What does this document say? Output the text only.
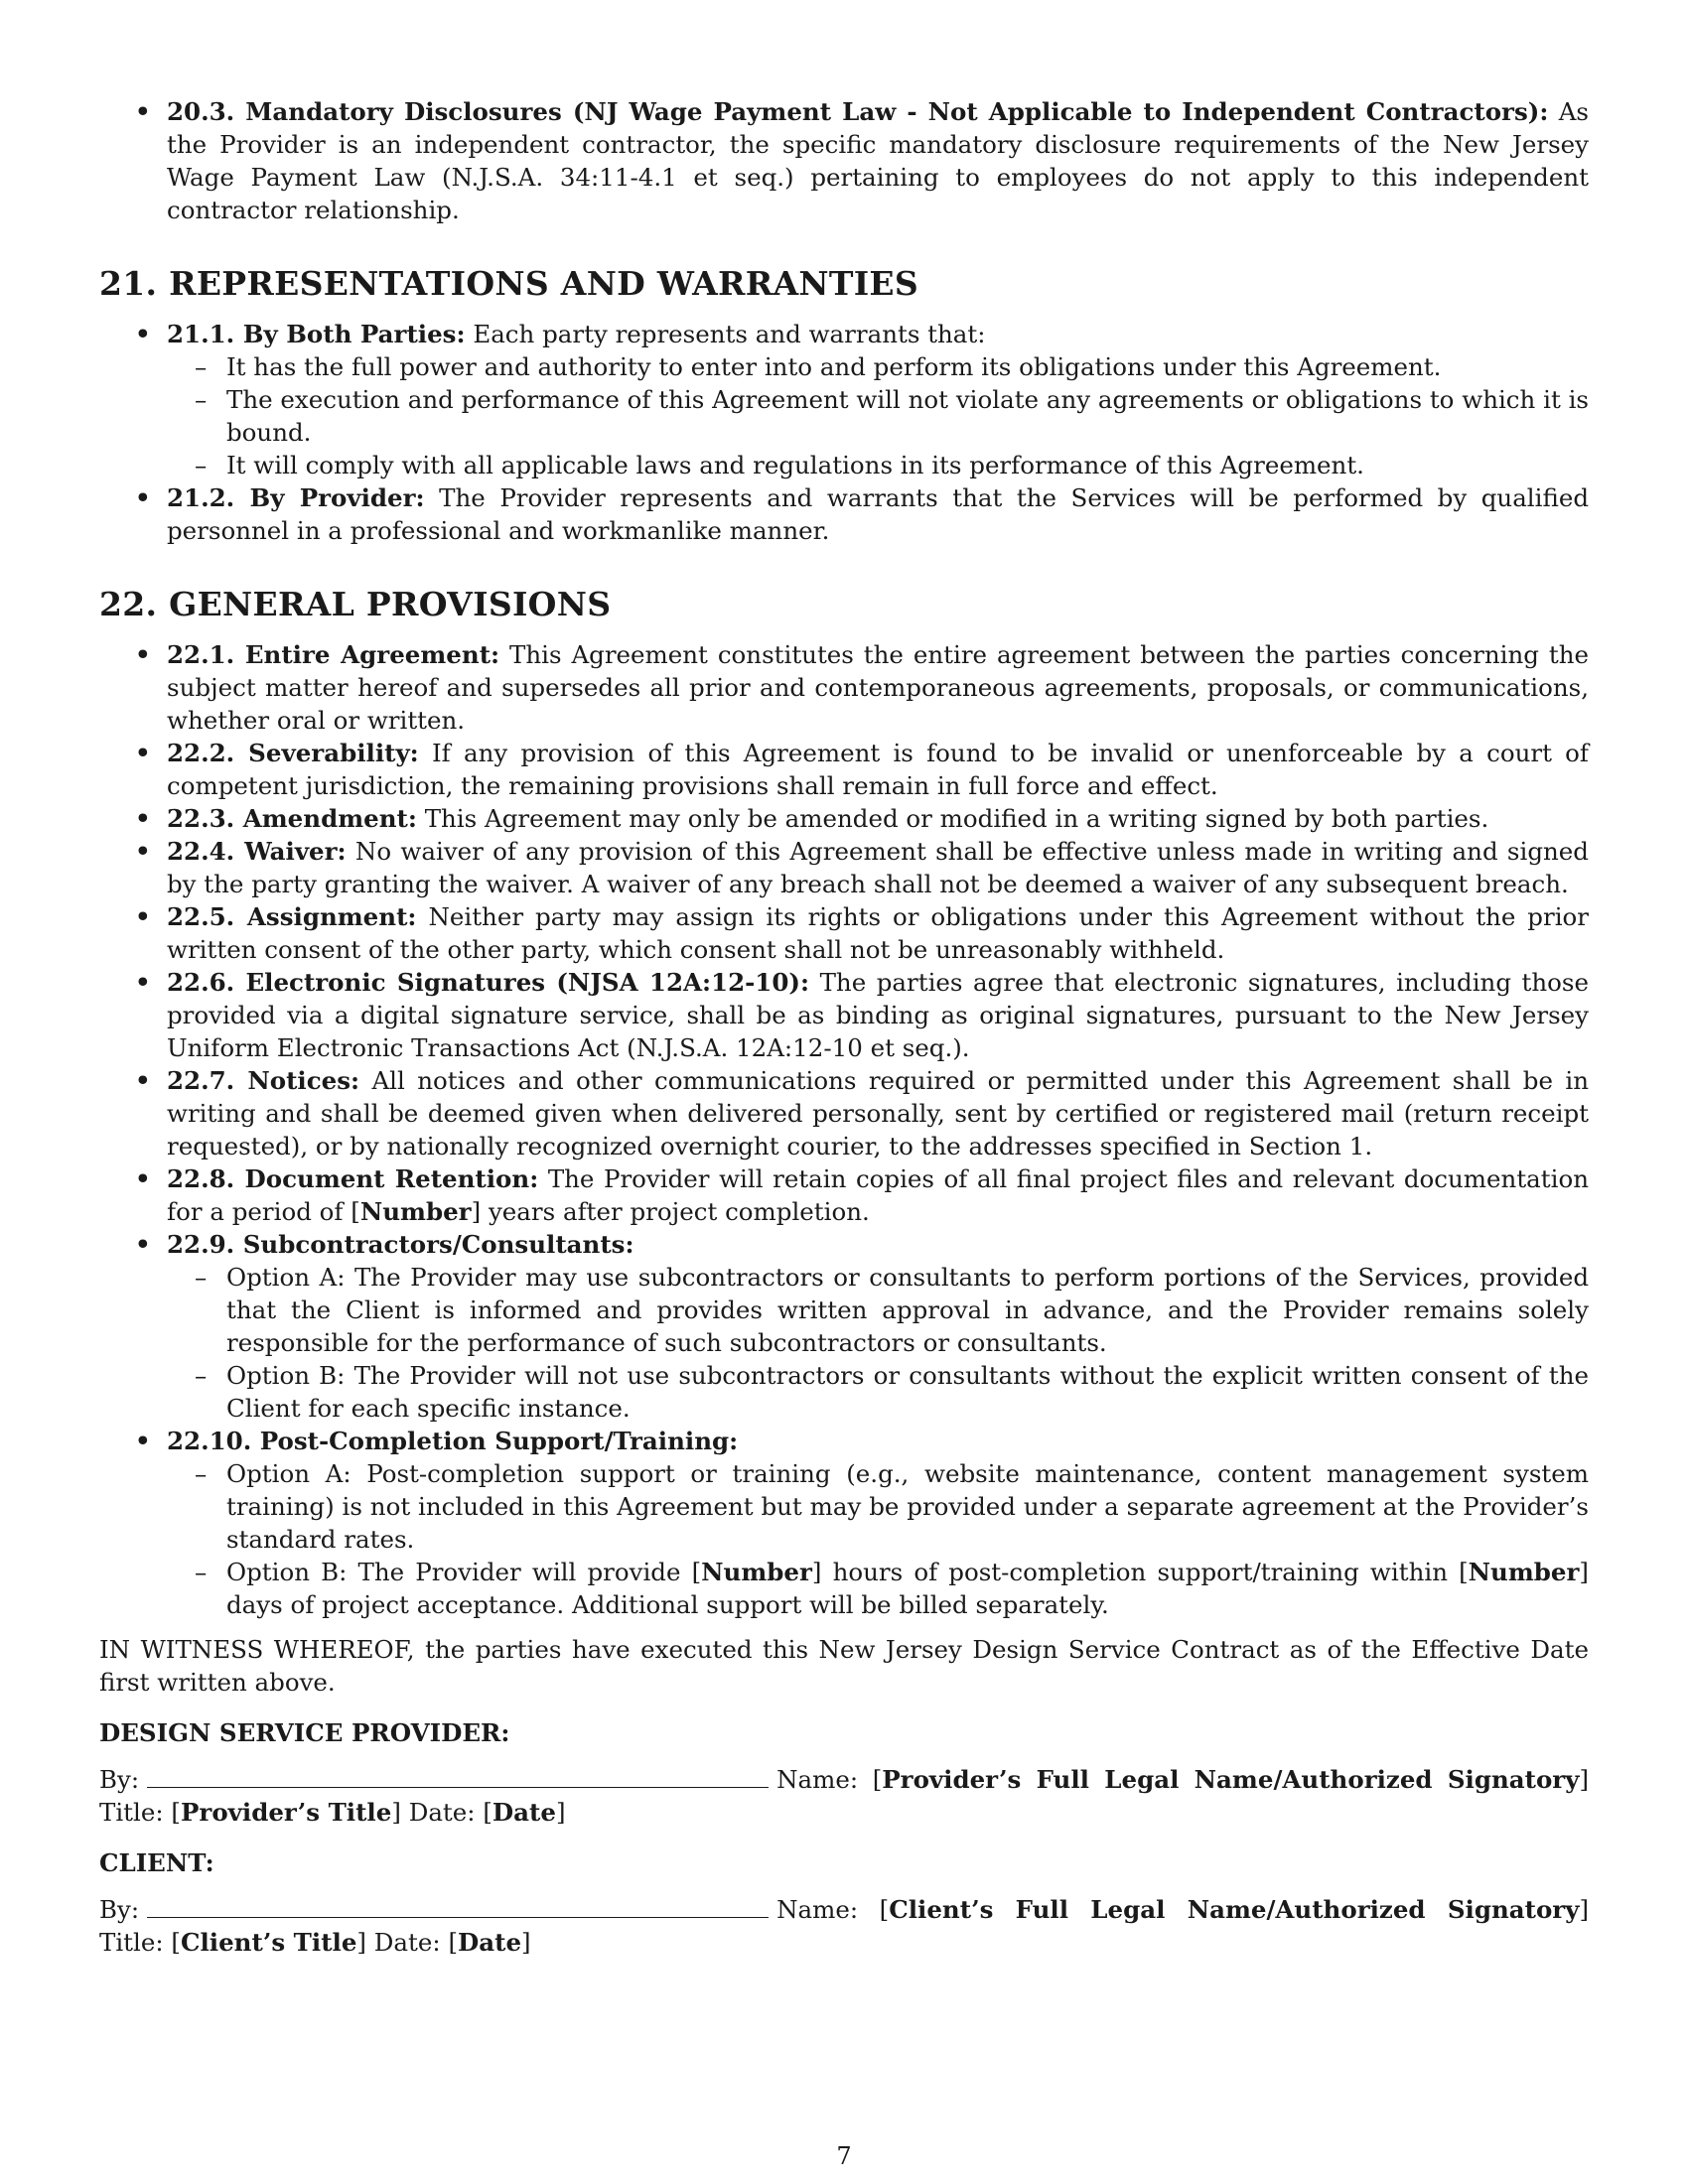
• 20.3. Mandatory Disclosures (NJ Wage Payment Law - Not Applicable to Independent Contractors): As the Provider is an independent contractor, the specific mandatory disclosure requirements of the New Jersey Wage Payment Law (N.J.S.A. 34:11-4.1 et seq.) pertaining to employees do not apply to this independent contractor relationship.

21. REPRESENTATIONS AND WARRANTIES

• 21.1. By Both Parties: Each party represents and warrants that:

– It has the full power and authority to enter into and perform its obligations under this Agreement.

– The execution and performance of this Agreement will not violate any agreements or obligations to which it is bound.

– It will comply with all applicable laws and regulations in its performance of this Agreement.

• 21.2. By Provider: The Provider represents and warrants that the Services will be performed by qualified personnel in a professional and workmanlike manner.

22. GENERAL PROVISIONS

• 22.1. Entire Agreement: This Agreement constitutes the entire agreement between the parties concerning the subject matter hereof and supersedes all prior and contemporaneous agreements, proposals, or communications, whether oral or written.

• 22.2. Severability: If any provision of this Agreement is found to be invalid or unenforceable by a court of competent jurisdiction, the remaining provisions shall remain in full force and effect.

• 22.3. Amendment: This Agreement may only be amended or modified in a writing signed by both parties.

• 22.4. Waiver: No waiver of any provision of this Agreement shall be effective unless made in writing and signed by the party granting the waiver. A waiver of any breach shall not be deemed a waiver of any subsequent breach.

• 22.5. Assignment: Neither party may assign its rights or obligations under this Agreement without the prior written consent of the other party, which consent shall not be unreasonably withheld.

• 22.6. Electronic Signatures (NJSA 12A:12-10): The parties agree that electronic signatures, including those provided via a digital signature service, shall be as binding as original signatures, pursuant to the New Jersey Uniform Electronic Transactions Act (N.J.S.A. 12A:12-10 et seq.).

• 22.7. Notices: All notices and other communications required or permitted under this Agreement shall be in writing and shall be deemed given when delivered personally, sent by certified or registered mail (return receipt requested), or by nationally recognized overnight courier, to the addresses specified in Section 1.

• 22.8. Document Retention: The Provider will retain copies of all final project files and relevant documentation for a period of [Number] years after project completion.

• 22.9. Subcontractors/Consultants:

– Option A: The Provider may use subcontractors or consultants to perform portions of the Services, provided that the Client is informed and provides written approval in advance, and the Provider remains solely responsible for the performance of such subcontractors or consultants.

– Option B: The Provider will not use subcontractors or consultants without the explicit written consent of the Client for each specific instance.

• 22.10. Post-Completion Support/Training:

– Option A: Post-completion support or training (e.g., website maintenance, content management system training) is not included in this Agreement but may be provided under a separate agreement at the Provider’s standard rates.

– Option B: The Provider will provide [Number] hours of post-completion support/training within [Number] days of project acceptance. Additional support will be billed separately.

IN WITNESS WHEREOF, the parties have executed this New Jersey Design Service Contract as of the Effective Date first written above.

DESIGN SERVICE PROVIDER:

By:	Name: [Provider’s Full Legal Name/Authorized Signatory] Title: [Provider’s Title] Date: [Date]

CLIENT:

By:	Name: [Client’s Full Legal Name/Authorized Signatory] Title: [Client’s Title] Date: [Date]

7
